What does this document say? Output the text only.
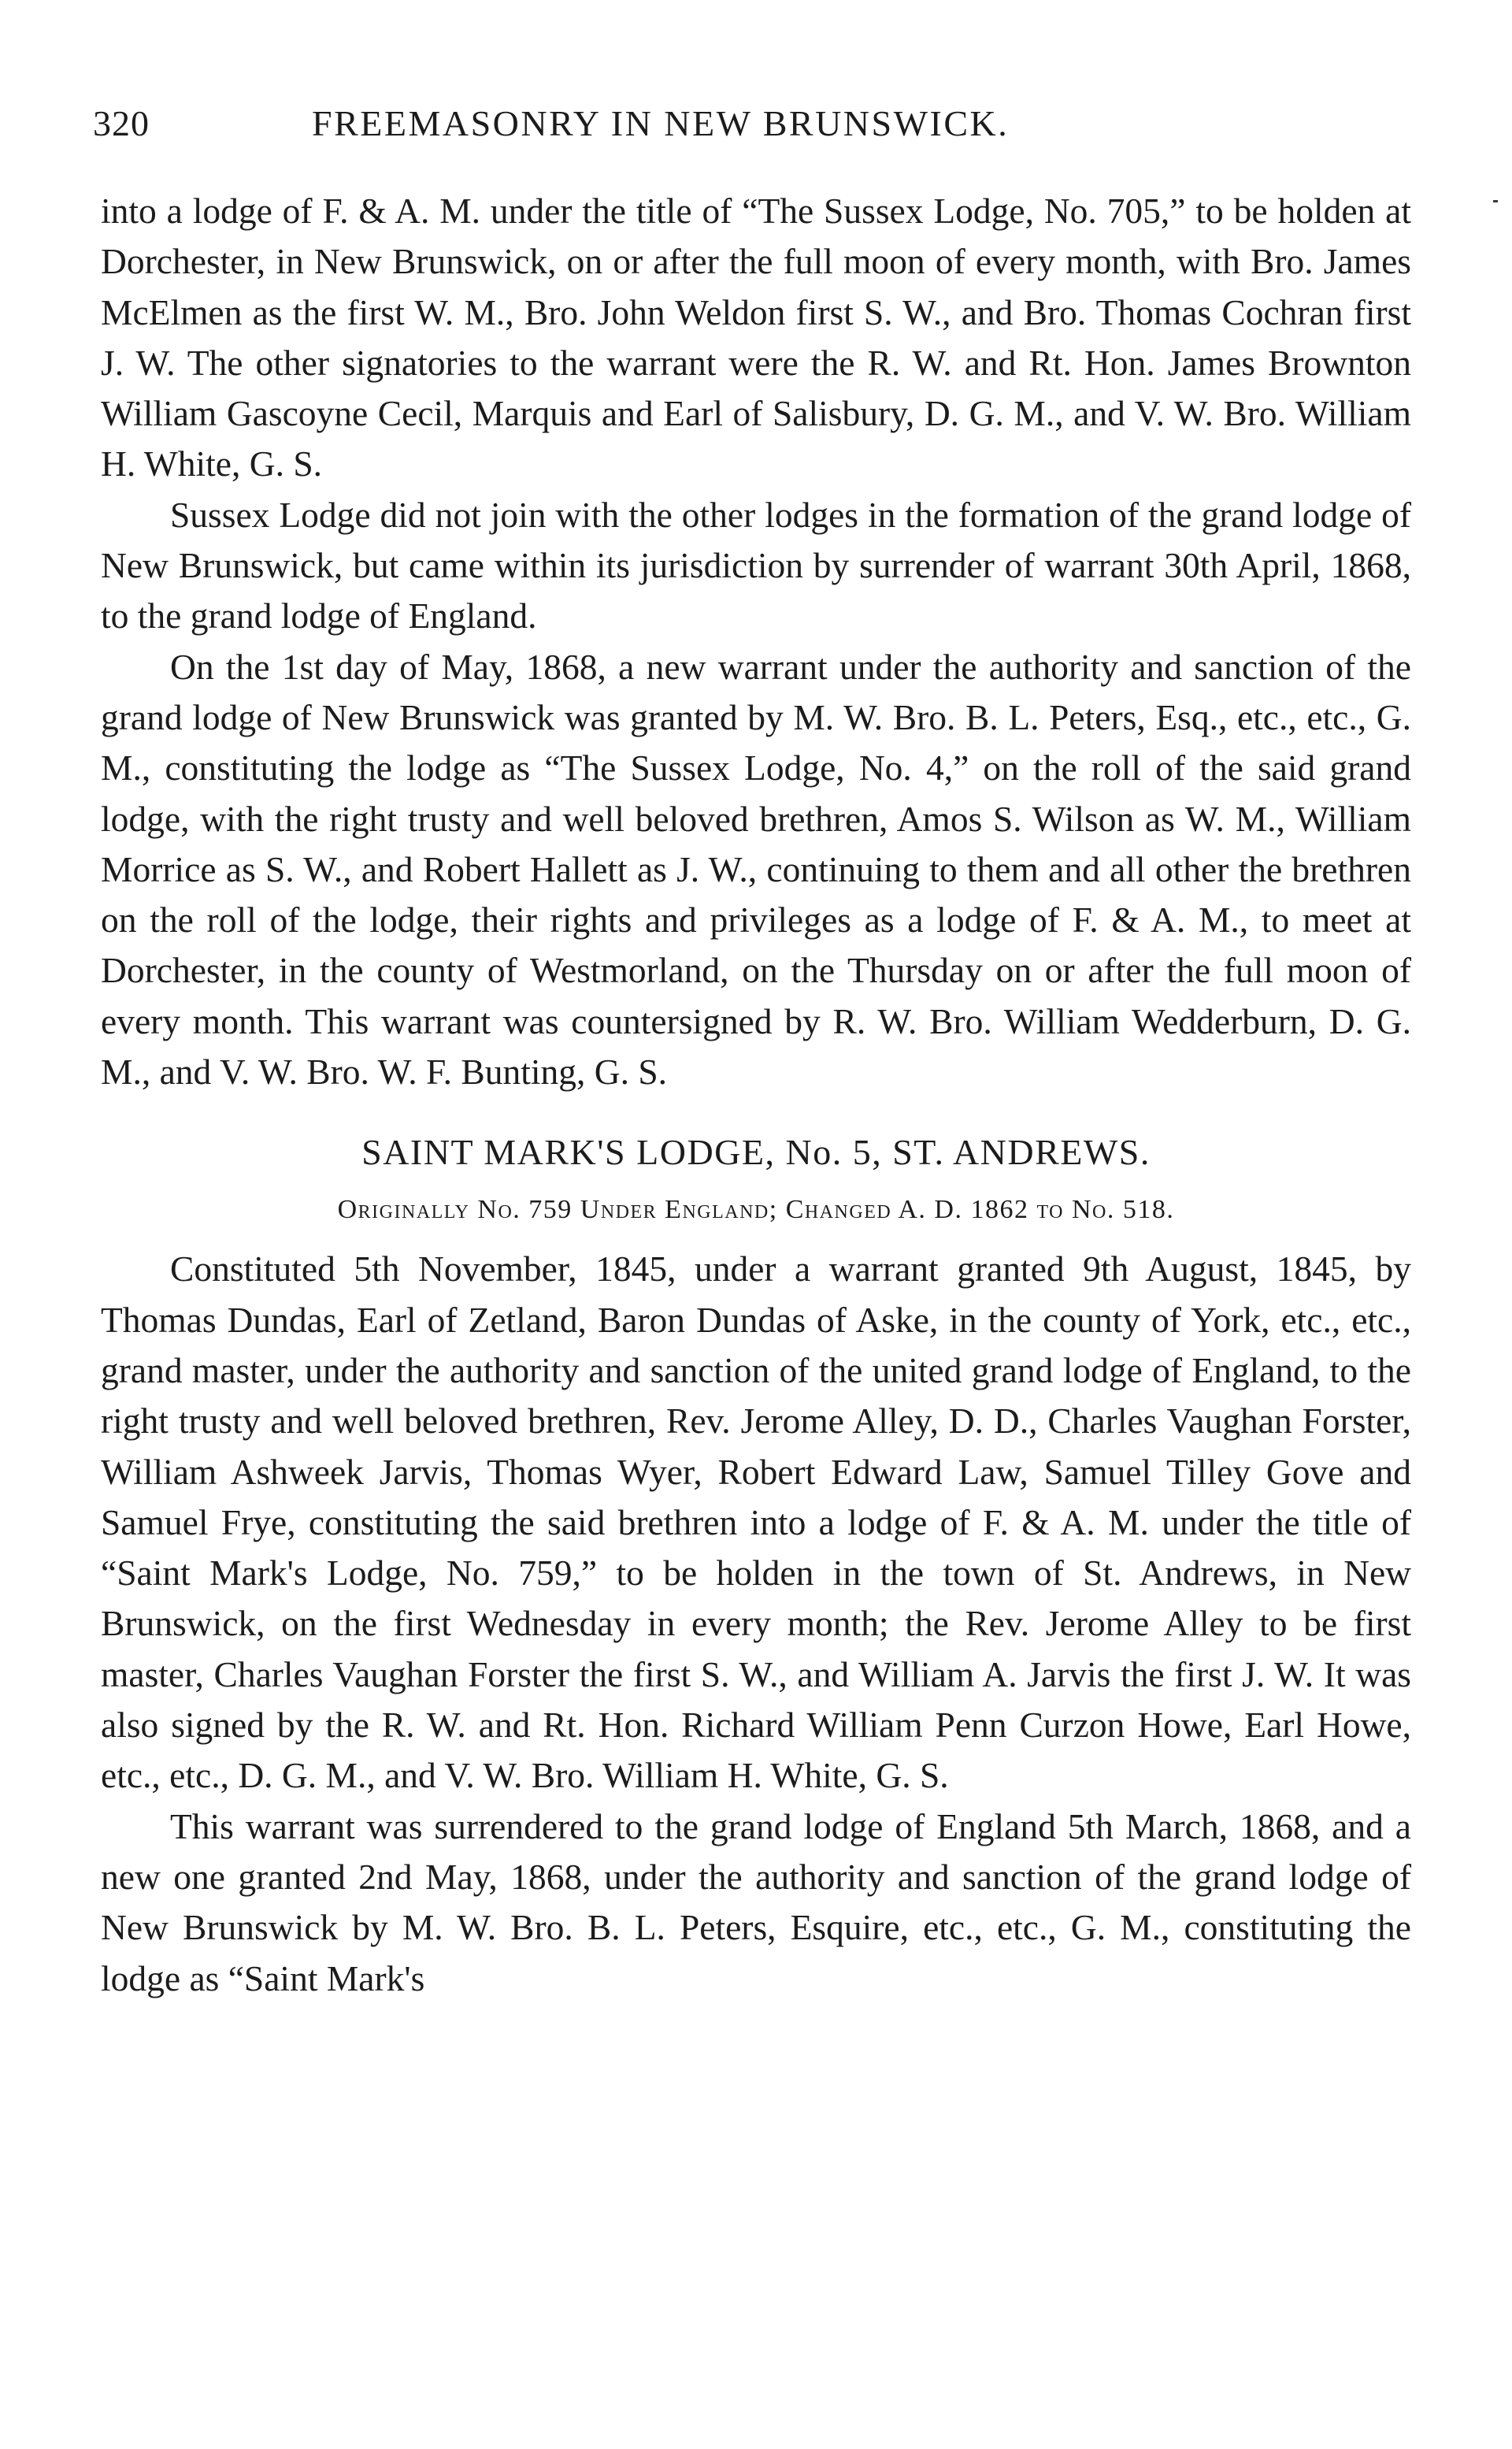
320	FREEMASONRY IN NEW BRUNSWICK.

into a lodge of F. & A. M. under the title of “The Sussex Lodge, No. 705,” to be holden at Dorchester, in New Brunswick, on or after the full moon of every month, with Bro. James McElmen as the first W. M., Bro. John Weldon first S. W., and Bro. Thomas Cochran first J. W. The other signatories to the warrant were the R. W. and Rt. Hon. James Brownton William Gascoyne Cecil, Marquis and Earl of Salisbury, D. G. M., and V. W. Bro. William H. White, G. S.

Sussex Lodge did not join with the other lodges in the formation of the grand lodge of New Brunswick, but came within its jurisdiction by surrender of warrant 30th April, 1868, to the grand lodge of England.

On the 1st day of May, 1868, a new warrant under the authority and sanction of the grand lodge of New Brunswick was granted by M. W. Bro. B. L. Peters, Esq., etc., etc., G. M., constituting the lodge as “The Sussex Lodge, No. 4,” on the roll of the said grand lodge, with the right trusty and well beloved brethren, Amos S. Wilson as W. M., William Morrice as S. W., and Robert Hallett as J. W., continuing to them and all other the brethren on the roll of the lodge, their rights and privileges as a lodge of F. & A. M., to meet at Dorchester, in the county of Westmorland, on the Thursday on or after the full moon of every month. This warrant was countersigned by R. W. Bro. William Wedderburn, D. G. M., and V. W. Bro. W. F. Bunting, G. S.

SAINT MARK'S LODGE, No. 5, ST. ANDREWS.
Originally No. 759 Under England; Changed A. D. 1862 to No. 518.

Constituted 5th November, 1845, under a warrant granted 9th August, 1845, by Thomas Dundas, Earl of Zetland, Baron Dundas of Aske, in the county of York, etc., etc., grand master, under the authority and sanction of the united grand lodge of England, to the right trusty and well beloved brethren, Rev. Jerome Alley, D. D., Charles Vaughan Forster, William Ashweek Jarvis, Thomas Wyer, Robert Edward Law, Samuel Tilley Gove and Samuel Frye, constituting the said brethren into a lodge of F. & A. M. under the title of “Saint Mark's Lodge, No. 759,” to be holden in the town of St. Andrews, in New Brunswick, on the first Wednesday in every month; the Rev. Jerome Alley to be first master, Charles Vaughan Forster the first S. W., and William A. Jarvis the first J. W. It was also signed by the R. W. and Rt. Hon. Richard William Penn Curzon Howe, Earl Howe, etc., etc., D. G. M., and V. W. Bro. William H. White, G. S.

This warrant was surrendered to the grand lodge of England 5th March, 1868, and a new one granted 2nd May, 1868, under the authority and sanction of the grand lodge of New Brunswick by M. W. Bro. B. L. Peters, Esquire, etc., etc., G. M., constituting the lodge as “Saint Mark's
